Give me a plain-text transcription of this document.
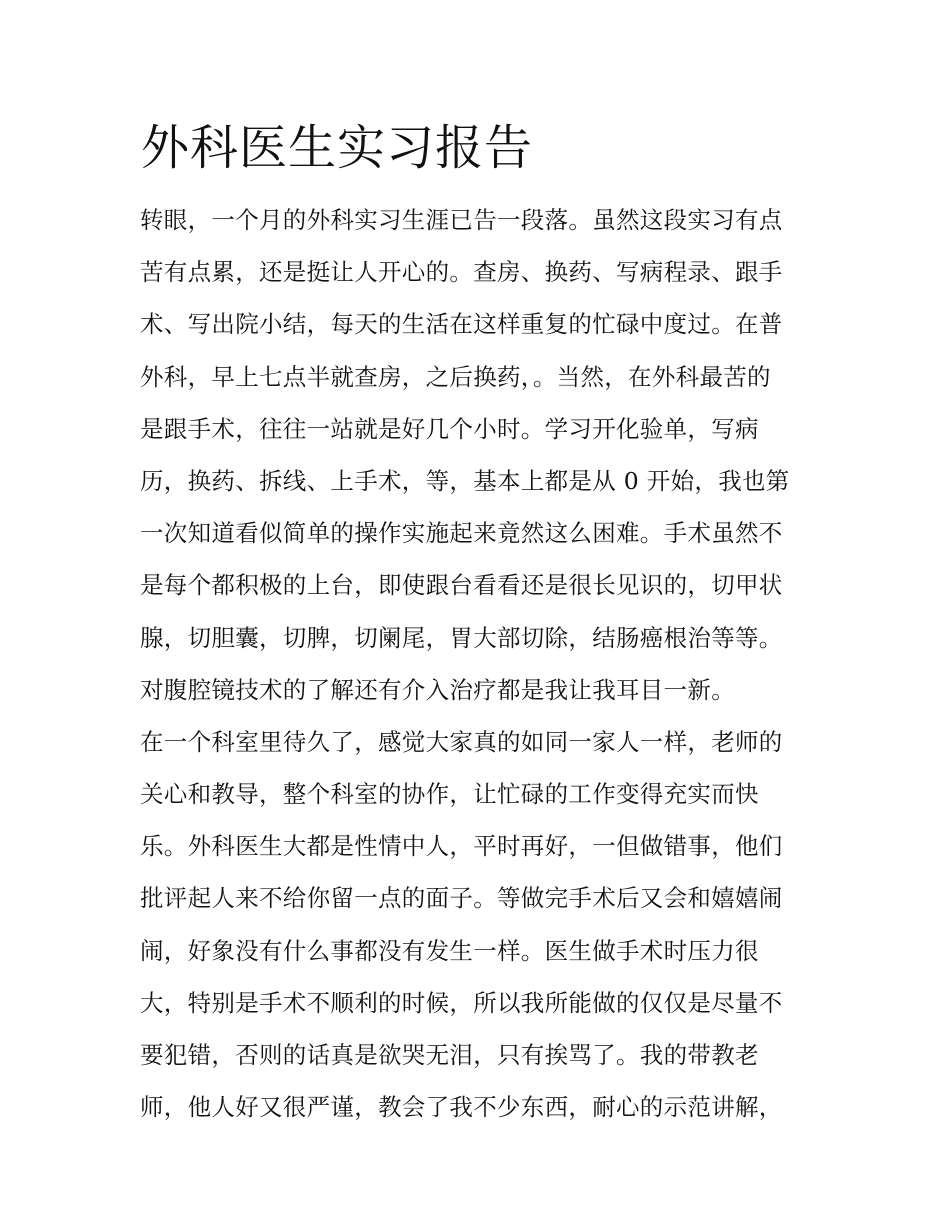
外科医生实习报告
转眼，一个月的外科实习生涯已告一段落。虽然这段实习有点
苦有点累，还是挺让人开心的。查房、换药、写病程录、跟手
术、写出院小结，每天的生活在这样重复的忙碌中度过。在普
外科，早上七点半就查房，之后换药，。当然，在外科最苦的
是跟手术，往往一站就是好几个小时。学习开化验单，写病
历，换药、拆线、上手术，等，基本上都是从 0 开始，我也第
一次知道看似简单的操作实施起来竟然这么困难。手术虽然不
是每个都积极的上台，即使跟台看看还是很长见识的，切甲状
腺，切胆囊，切脾，切阑尾，胃大部切除，结肠癌根治等等。
对腹腔镜技术的了解还有介入治疗都是我让我耳目一新。
在一个科室里待久了，感觉大家真的如同一家人一样，老师的
关心和教导，整个科室的协作，让忙碌的工作变得充实而快
乐。外科医生大都是性情中人，平时再好，一但做错事，他们
批评起人来不给你留一点的面子。等做完手术后又会和嬉嬉闹
闹，好象没有什么事都没有发生一样。医生做手术时压力很
大，特别是手术不顺利的时候，所以我所能做的仅仅是尽量不
要犯错，否则的话真是欲哭无泪，只有挨骂了。我的带教老
师，他人好又很严谨，教会了我不少东西，耐心的示范讲解，
